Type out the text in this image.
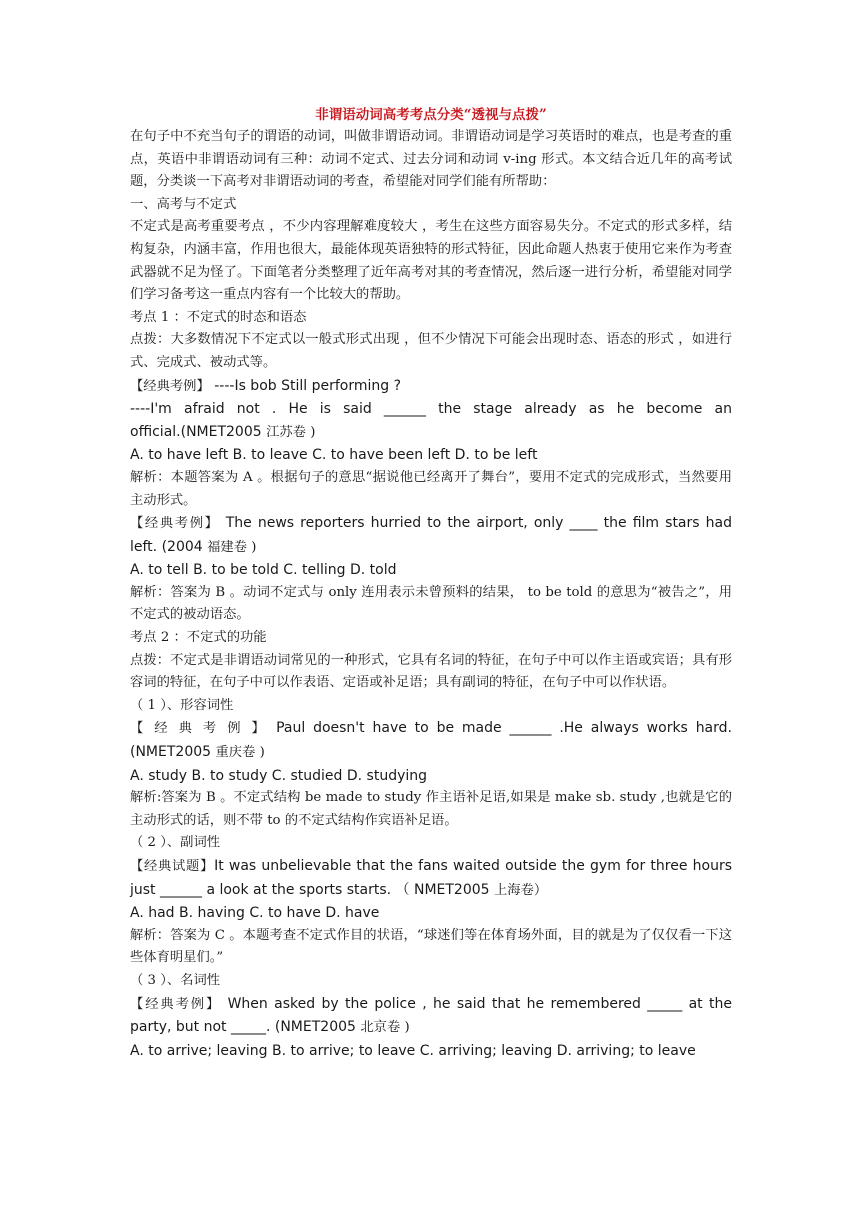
非谓语动词高考考点分类“透视与点拨”

在句子中不充当句子的谓语的动词，叫做非谓语动词。非谓语动词是学习英语时的难点，也是考查的重点，英语中非谓语动词有三种：动词不定式、过去分词和动词 v-ing 形式。本文结合近几年的高考试题，分类谈一下高考对非谓语动词的考查，希望能对同学们能有所帮助：

一、高考与不定式

不定式是高考重要考点 ，不少内容理解难度较大 ，考生在这些方面容易失分。不定式的形式多样，结构复杂，内涵丰富，作用也很大，最能体现英语独特的形式特征，因此命题人热衷于使用它来作为考查武器就不足为怪了。下面笔者分类整理了近年高考对其的考查情况，然后逐一进行分析，希望能对同学们学习备考这一重点内容有一个比较大的帮助。

考点 1 ：不定式的时态和语态

点拨：大多数情况下不定式以一般式形式出现 ，但不少情况下可能会出现时态、语态的形式 ，如进行式、完成式、被动式等。

【经典考例】 ----Is bob Still performing ?

----I'm  afraid  not  .  He  is  said  ______  the  stage  already  as  he  become  an

official.(NMET2005 江苏卷 )

A. to have left B. to leave C. to have been left D. to be left

解析：本题答案为 A 。根据句子的意思“据说他已经离开了舞台”，要用不定式的完成形式，当然要用主动形式。

【经典考例】 The news reporters hurried to the airport, only ____ the film stars had left. (2004 福建卷 )

A. to tell B. to be told C. telling D. told

解析：答案为 B 。动词不定式与 only 连用表示未曾预料的结果， to be told 的意思为“被告之”，用不定式的被动语态。

考点 2 ：不定式的功能

点拨：不定式是非谓语动词常见的一种形式，它具有名词的特征，在句子中可以作主语或宾语；具有形容词的特征，在句子中可以作表语、定语或补足语；具有副词的特征，在句子中可以作状语。

（ 1 ）、形容词性

【 经 典 考 例 】 Paul doesn't have to be made ______ .He always works hard. (NMET2005 重庆卷 )

A. study B. to study C. studied D. studying

解析:答案为 B 。不定式结构 be made to study 作主语补足语,如果是 make sb. study ,也就是它的主动形式的话，则不带 to 的不定式结构作宾语补足语。

（ 2 ）、副词性

【经典试题】It was unbelievable that the fans waited outside the gym for three hours just ______ a look at the sports starts. （ NMET2005 上海卷）

A. had B. having C. to have D. have

解析：答案为 C 。本题考查不定式作目的状语，“球迷们等在体育场外面，目的就是为了仅仅看一下这些体育明星们。”

（ 3 ）、名词性

【经典考例】 When asked by the police , he said that he remembered _____ at the party, but not _____. (NMET2005 北京卷 )

A. to arrive; leaving B. to arrive; to leave C. arriving; leaving D. arriving; to leave
